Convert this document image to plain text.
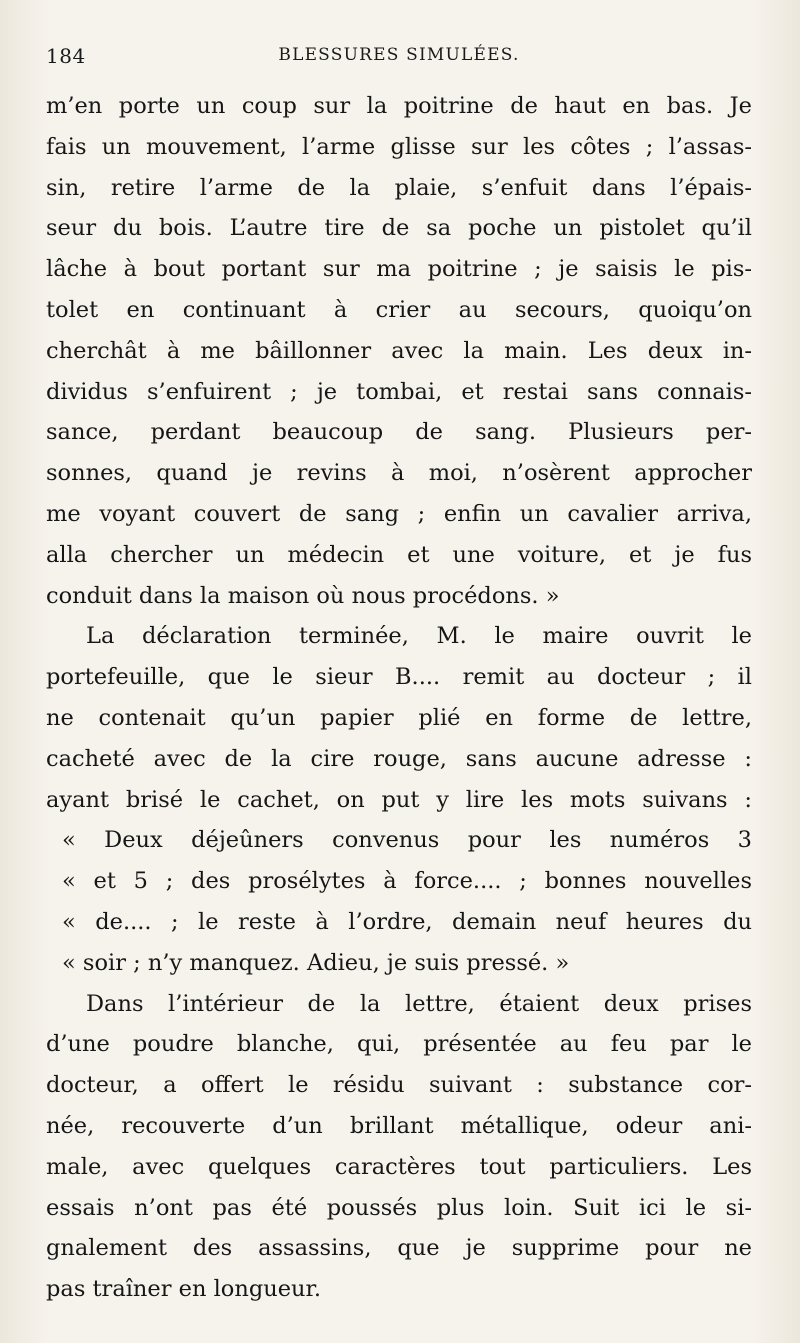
184	BLESSURES SIMULÉES.
m’en porte un coup sur la poitrine de haut en bas. Je
fais un mouvement, l’arme glisse sur les côtes ; l’assas-
sin, retire l’arme de la plaie, s’enfuit dans l’épais-
seur du bois. L’autre tire de sa poche un pistolet qu’il
lâche à bout portant sur ma poitrine ; je saisis le pis-
tolet en continuant à crier au secours, quoiqu’on
cherchât à me bâillonner avec la main. Les deux in-
dividus s’enfuirent ; je tombai, et restai sans connais-
sance, perdant beaucoup de sang. Plusieurs per-
sonnes, quand je revins à moi, n’osèrent approcher
me voyant couvert de sang ; enfin un cavalier arriva,
alla chercher un médecin et une voiture, et je fus
conduit dans la maison où nous procédons. »
La déclaration terminée, M. le maire ouvrit le
portefeuille, que le sieur B.... remit au docteur ; il
ne contenait qu’un papier plié en forme de lettre,
cacheté avec de la cire rouge, sans aucune adresse :
ayant brisé le cachet, on put y lire les mots suivans :
« Deux déjeûners convenus pour les numéros 3
« et 5 ; des prosélytes à force.... ; bonnes nouvelles
« de.... ; le reste à l’ordre, demain neuf heures du
« soir ; n’y manquez. Adieu, je suis pressé. »
Dans l’intérieur de la lettre, étaient deux prises
d’une poudre blanche, qui, présentée au feu par le
docteur, a offert le résidu suivant : substance cor-
née, recouverte d’un brillant métallique, odeur ani-
male, avec quelques caractères tout particuliers. Les
essais n’ont pas été poussés plus loin. Suit ici le si-
gnalement des assassins, que je supprime pour ne
pas traîner en longueur.
